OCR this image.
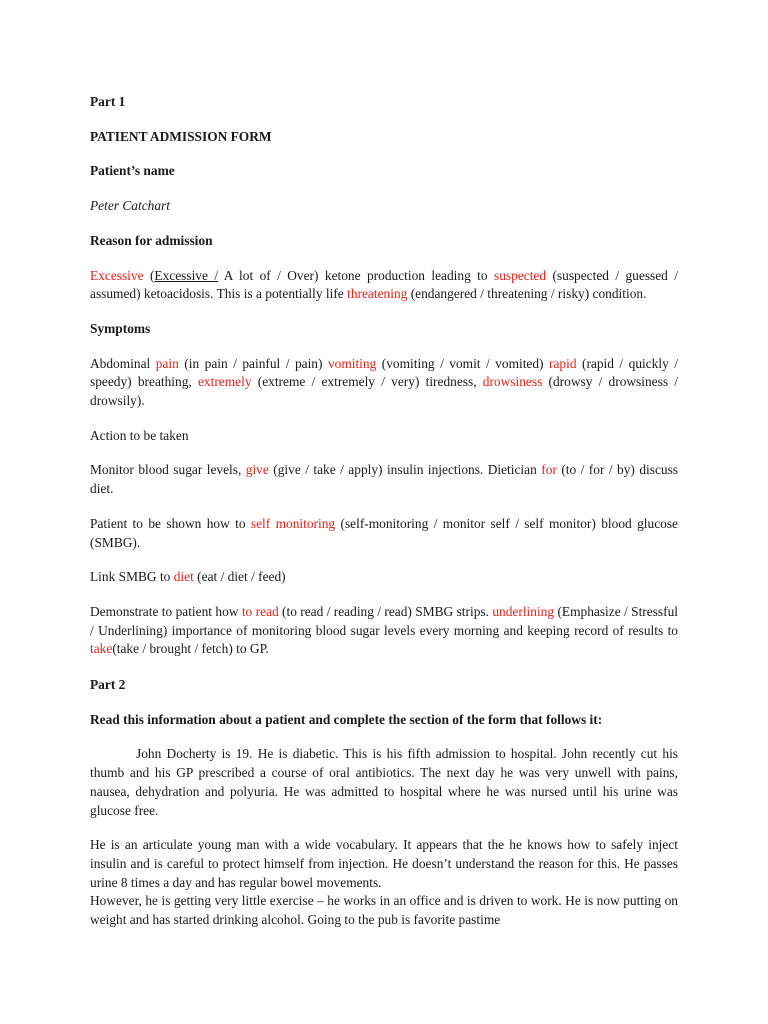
Part 1

PATIENT ADMISSION FORM

Patient’s name

Peter Catchart

Reason for admission

Excessive (Excessive / A lot of / Over) ketone production leading to suspected (suspected / guessed / assumed) ketoacidosis. This is a potentially life threatening (endangered / threatening / risky) condition.

Symptoms

Abdominal pain (in pain / painful / pain) vomiting (vomiting / vomit / vomited) rapid (rapid / quickly / speedy) breathing, extremely (extreme / extremely / very) tiredness, drowsiness (drowsy / drowsiness / drowsily).

Action to be taken

Monitor blood sugar levels, give (give / take / apply) insulin injections. Dietician for (to / for / by) discuss diet.

Patient to be shown how to self monitoring (self-monitoring / monitor self / self monitor) blood glucose (SMBG).

Link SMBG to diet (eat / diet / feed)

Demonstrate to patient how to read (to read / reading / read) SMBG strips. underlining (Emphasize / Stressful / Underlining) importance of monitoring blood sugar levels every morning and keeping record of results to take(take / brought / fetch) to GP.

Part 2

Read this information about a patient and complete the section of the form that follows it:

John Docherty is 19. He is diabetic. This is his fifth admission to hospital. John recently cut his thumb and his GP prescribed a course of oral antibiotics. The next day he was very unwell with pains, nausea, dehydration and polyuria. He was admitted to hospital where he was nursed until his urine was glucose free.

He is an articulate young man with a wide vocabulary. It appears that the he knows how to safely inject insulin and is careful to protect himself from injection. He doesn’t understand the reason for this. He passes urine 8 times a day and has regular bowel movements.

However, he is getting very little exercise – he works in an office and is driven to work. He is now putting on weight and has started drinking alcohol. Going to the pub is favorite pastime
